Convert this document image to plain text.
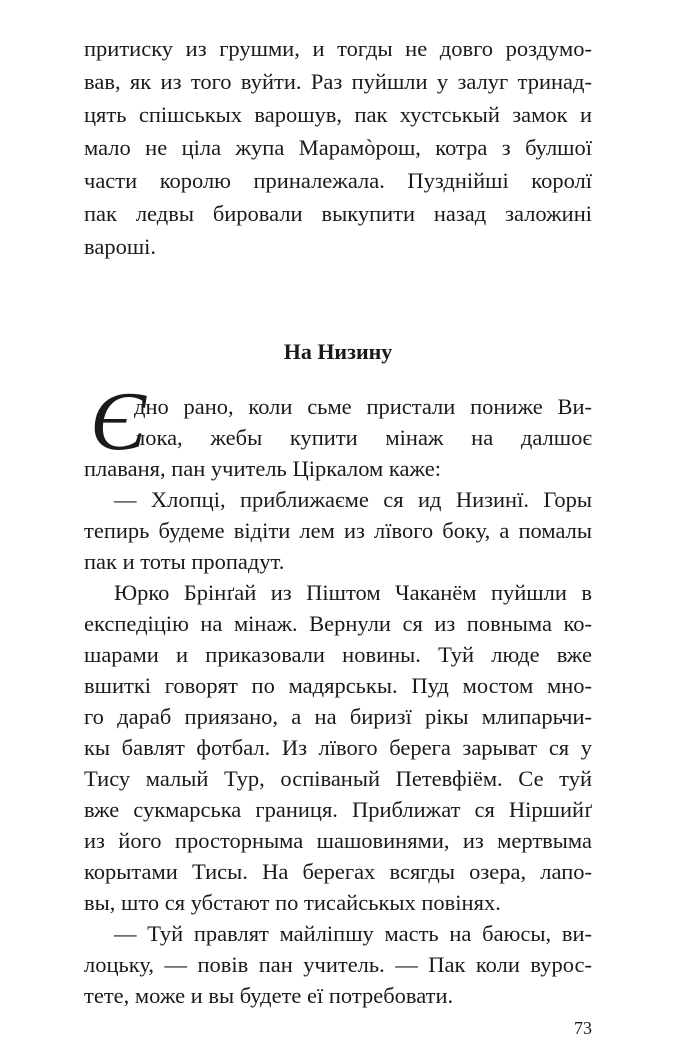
притиску из грушми, и тогды не довго роздумо-
вав, як из того вуйти. Раз пуйшли у залуг тринад-
цять спішськых варошув, пак хустськый замок и
мало не ціла жупа Марамòрош, котра з булшої
части королю приналежала. Пузднійші королї
пак ледвы бировали выкупити назад заложині
вароші.
На Низину
Є
дно рано, коли сьме пристали пониже Ви-
лока, жебы купити мінаж на далшоє
плаваня, пан учитель Ціркалом каже:
— Хлопці, приближаєме ся ид Низинї. Горы
тепирь будеме відіти лем из лївого боку, а помалы
пак и тоты пропадут.
Юрко Брінґай из Піштом Чаканём пуйшли в
експедіцію на мінаж. Вернули ся из повныма ко-
шарами и приказовали новины. Туй люде вже
вшиткі говорят по мадярськы. Пуд мостом мно-
го дараб приязано, а на биризї рікы млипарьчи-
кы бавлят фотбал. Из лївого берега зарыват ся у
Тису малый Тур, оспіваный Петевфіём. Се туй
вже сукмарська границя. Приближат ся Ніршийґ
из його просторныма шашовинями, из мертвыма
корытами Тисы. На берегах всягды озера, лапо-
вы, што ся убстают по тисайськых повінях.
— Туй правлят майліпшу масть на баюсы, ви-
лоцьку, — повів пан учитель. — Пак коли вурос-
73
тете, може и вы будете еї потребовати.
